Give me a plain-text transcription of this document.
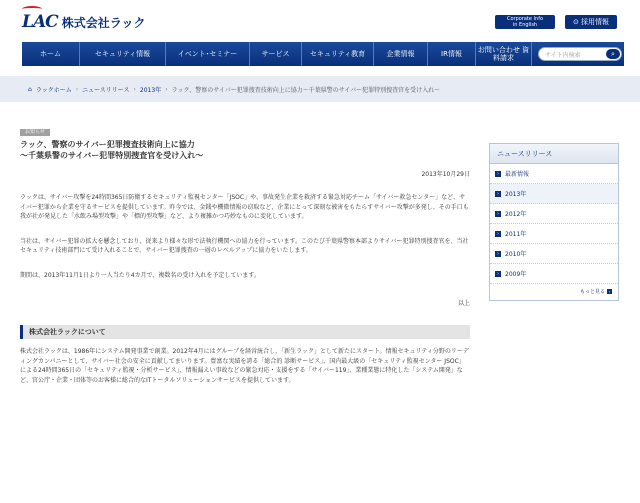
LAC 株式会社ラック	Corporate Info
in English	⊙ 採用情報
ホーム	セキュリティ情報	イベント･セミナー	サービス	セキュリティ教育	企業情報	IR情報	お問い合わせ 資料請求	サイト内検索	⌕
⌂ ラックホーム › ニュースリリース › 2013年 › ラック、警察のサイバー犯罪捜査技術向上に協力～千葉県警のサイバー犯罪特別捜査官を受け入れ～
お知らせ
ラック、警察のサイバー犯罪捜査技術向上に協力
～千葉県警のサイバー犯罪特別捜査官を受け入れ～
2013年10月29日
ラックは、サイバー攻撃を24時間365日防衛するセキュリティ監視センター「JSOC」や、事故発生企業を救済する緊急対応チーム「サイバー救急センター」など、サイバー犯罪から企業を守るサービスを提供しています。昨今では、金銭や機微情報の窃取など、企業にとって深刻な被害をもたらすサイバー攻撃が多発し、その手口も我が社が発見した「水飲み場型攻撃」や「標的型攻撃」など、より複雑かつ巧妙なものに変化しています。
当社は、サイバー犯罪の拡大を懸念しており、従来より様々な形で法執行機関への協力を行っています。このたび千葉県警察本部よりサイバー犯罪特別捜査官を、当社セキュリティ技術部門にて受け入れることで、サイバー犯罪捜査の一層のレベルアップに協力をいたします。
期間は、2013年11月1日より一人当たり4カ月で、複数名の受け入れを予定しています。
以上
株式会社ラックについて
株式会社ラックは、1986年にシステム開発事業で創業。2012年4月にはグループを経営統合し、「新生ラック」として新たにスタート。情報セキュリティ分野のリーディングカンパニーとして、サイバー社会の安全に貢献してまいります。豊富な実績を誇る「総合的 診断サービス」、国内最大級の「セキュリティ監視センター JSOC」による24時間365日の「セキュリティ監視・分析サービス」、情報漏えい事故などの緊急対応・支援をする「サイバー119」、業種業態に特化した「システム開発」など、官公庁・企業・団体等のお客様に総合的なITトータルソリューションサービスを提供しています。
ニュースリリース
›	最新情報
›	2013年
›	2012年
›	2011年
›	2010年
›	2009年
もっと見る ›
